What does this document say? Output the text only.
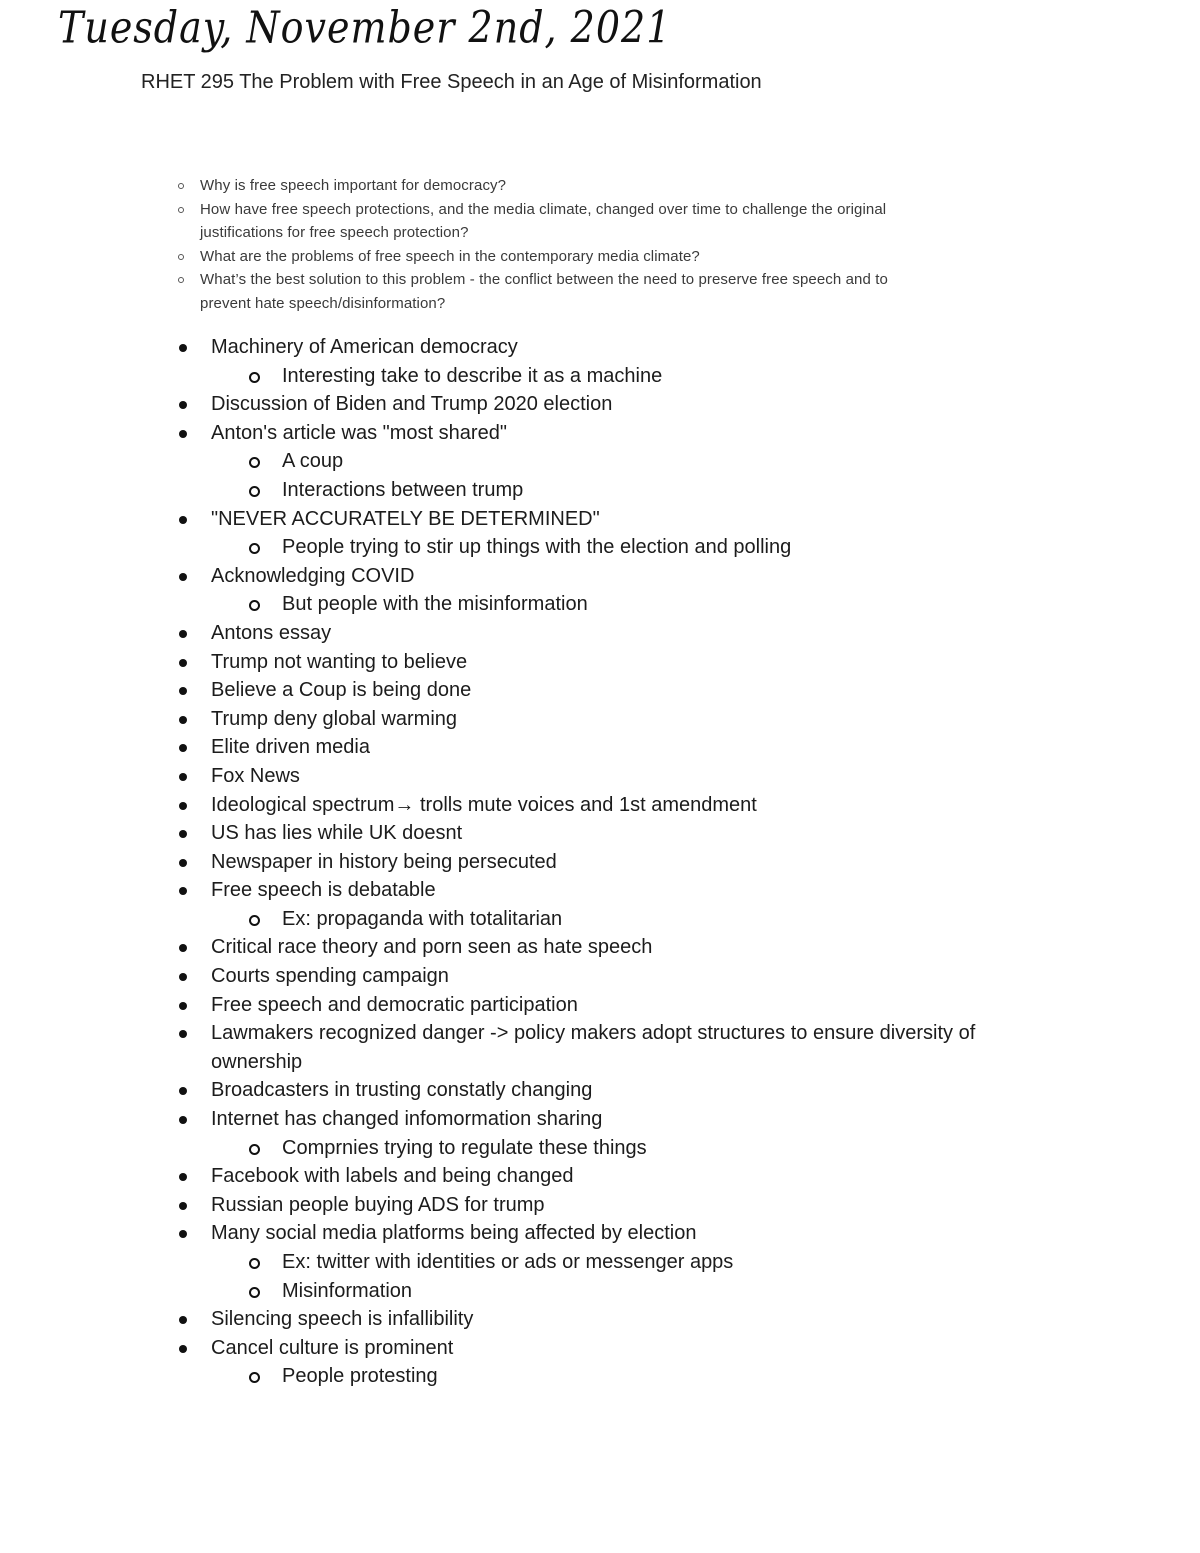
Tuesday, November 2nd, 2021
RHET 295 The Problem with Free Speech in an Age of Misinformation
Why is free speech important for democracy?
How have free speech protections, and the media climate, changed over time to challenge the original justifications for free speech protection?
What are the problems of free speech in the contemporary media climate?
What’s the best solution to this problem - the conflict between the need to preserve free speech and to prevent hate speech/disinformation?
Machinery of American democracy
Interesting take to describe it as a machine
Discussion of Biden and Trump 2020 election
Anton's article was "most shared"
A coup
Interactions between trump
"NEVER ACCURATELY BE DETERMINED"
People trying to stir up things with the election and polling
Acknowledging COVID
But people with the misinformation
Antons essay
Trump not wanting to believe
Believe a Coup is being done
Trump deny global warming
Elite driven media
Fox News
Ideological spectrum→ trolls mute voices and 1st amendment
US has lies while UK doesnt
Newspaper in history being persecuted
Free speech is debatable
Ex: propaganda with totalitarian
Critical race theory and porn seen as hate speech
Courts spending campaign
Free speech and democratic participation
Lawmakers recognized danger -> policy makers adopt structures to ensure diversity of ownership
Broadcasters in trusting constatly changing
Internet has changed infomormation sharing
Comprnies trying to regulate these things
Facebook with labels and being changed
Russian people buying ADS for trump
Many social media platforms being affected by election
Ex: twitter with identities or ads or messenger apps
Misinformation
Silencing speech is infallibility
Cancel culture is prominent
People protesting
